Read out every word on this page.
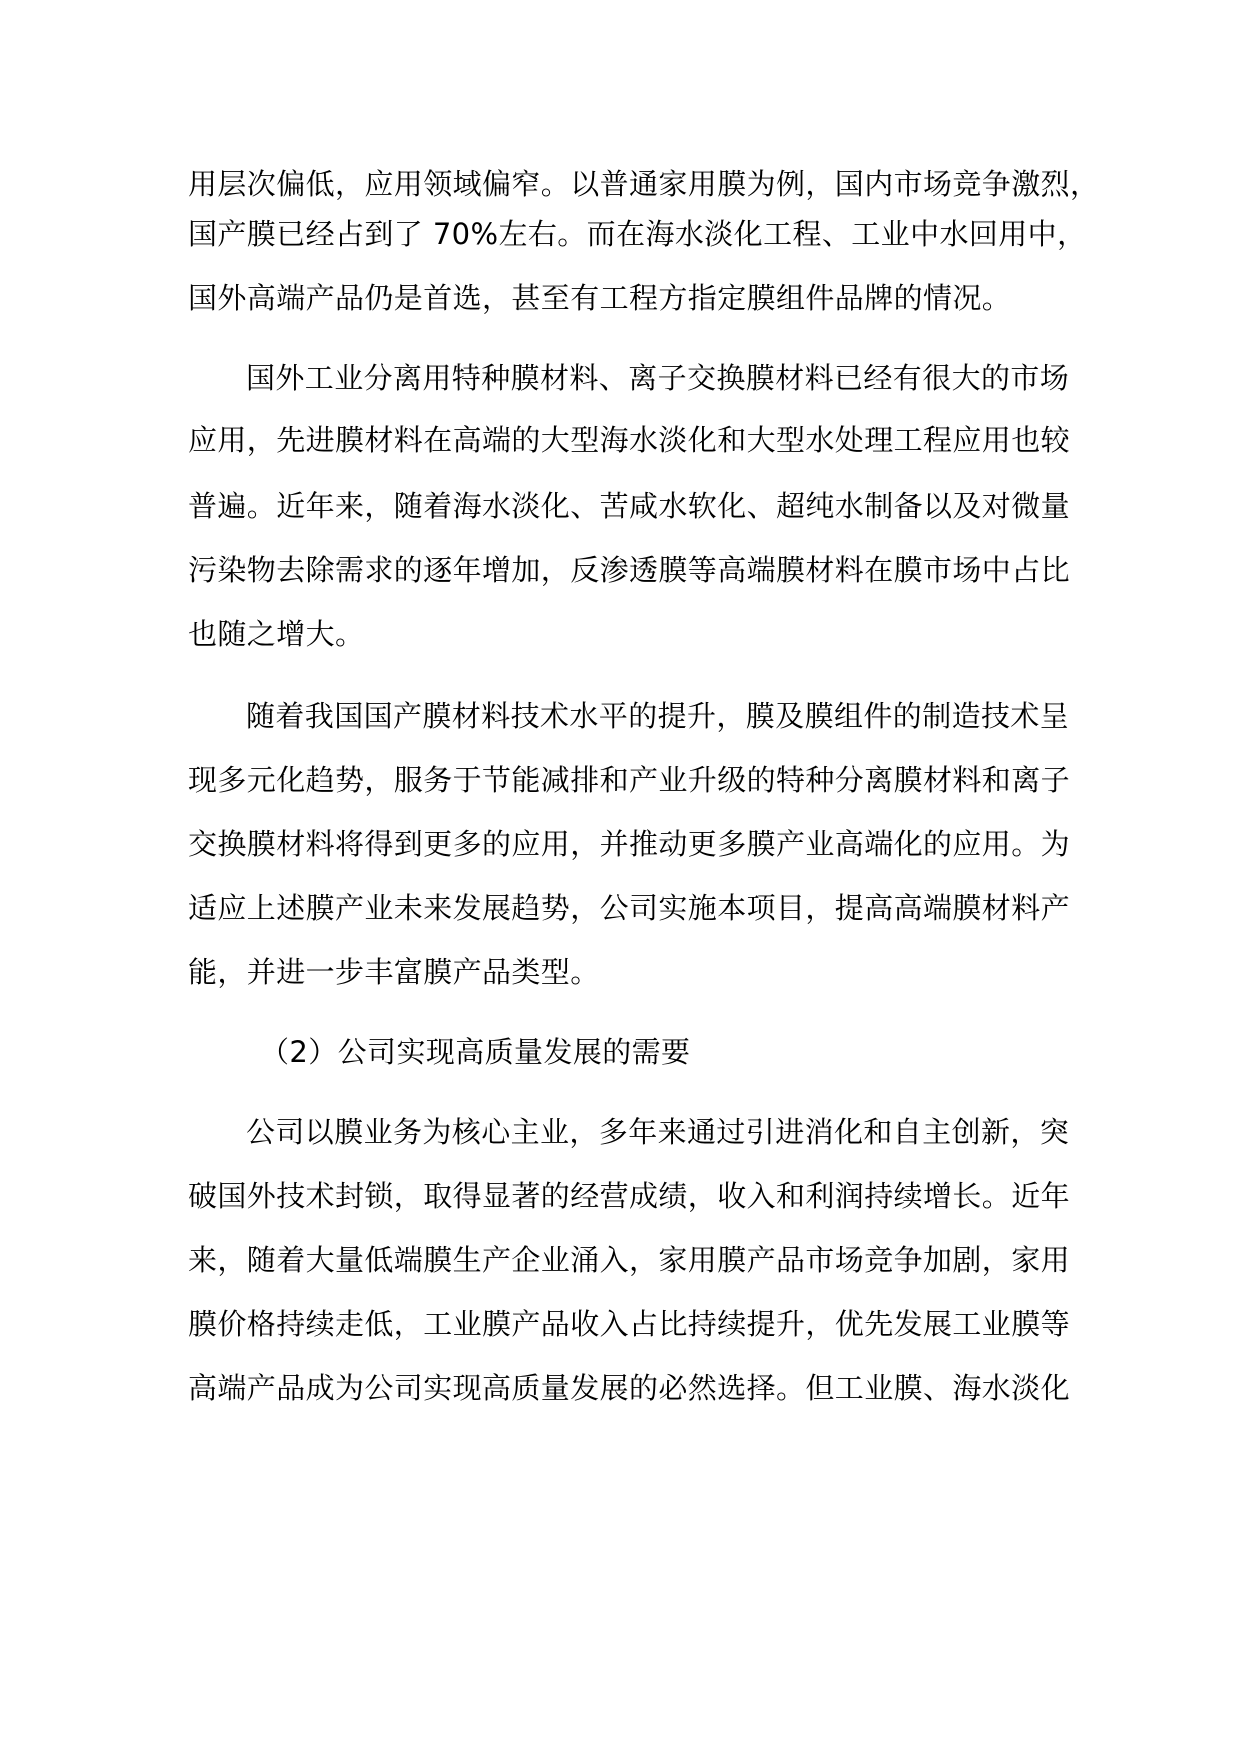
用层次偏低，应用领域偏窄。以普通家用膜为例，国内市场竞争激烈，
国产膜已经占到了 70%左右。而在海水淡化工程、工业中水回用中，
国外高端产品仍是首选，甚至有工程方指定膜组件品牌的情况。
国外工业分离用特种膜材料、离子交换膜材料已经有很大的市场
应用，先进膜材料在高端的大型海水淡化和大型水处理工程应用也较
普遍。近年来，随着海水淡化、苦咸水软化、超纯水制备以及对微量
污染物去除需求的逐年增加，反渗透膜等高端膜材料在膜市场中占比
也随之增大。
随着我国国产膜材料技术水平的提升，膜及膜组件的制造技术呈
现多元化趋势，服务于节能减排和产业升级的特种分离膜材料和离子
交换膜材料将得到更多的应用，并推动更多膜产业高端化的应用。为
适应上述膜产业未来发展趋势，公司实施本项目，提高高端膜材料产
能，并进一步丰富膜产品类型。
（2）公司实现高质量发展的需要
公司以膜业务为核心主业，多年来通过引进消化和自主创新，突
破国外技术封锁，取得显著的经营成绩，收入和利润持续增长。近年
来，随着大量低端膜生产企业涌入，家用膜产品市场竞争加剧，家用
膜价格持续走低，工业膜产品收入占比持续提升，优先发展工业膜等
高端产品成为公司实现高质量发展的必然选择。但工业膜、海水淡化
